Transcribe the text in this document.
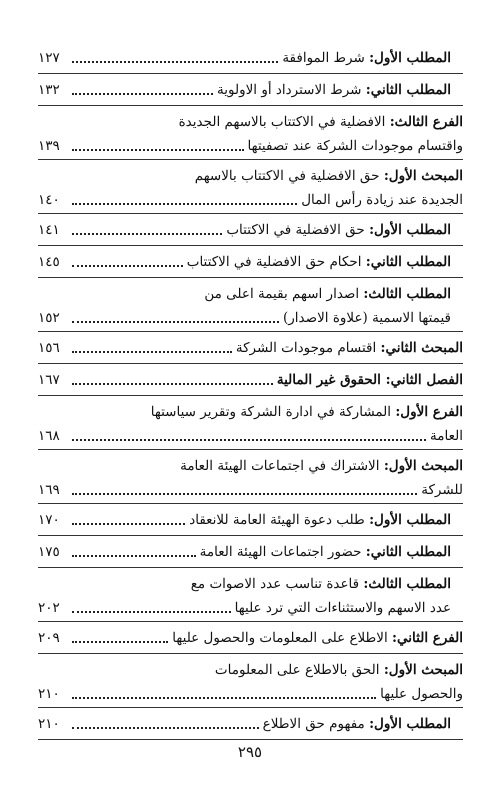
المطلب الأول: شرط الموافقة
١٢٧
المطلب الثاني: شرط الاسترداد أو الاولوية
١٣٢
الفرع الثالث: الافضلية في الاكتتاب بالاسهم الجديدة
واقتسام موجودات الشركة عند تصفيتها
١٣٩
المبحث الأول: حق الافضلية في الاكتتاب بالاسهم
الجديدة عند زيادة رأس المال
١٤٠
المطلب الأول: حق الافضلية في الاكتتاب
١٤١
المطلب الثاني: احكام حق الافضلية في الاكتتاب
١٤٥
المطلب الثالث: اصدار اسهم بقيمة اعلى من
قيمتها الاسمية (علاوة الاصدار)
١٥٢
المبحث الثاني: اقتسام موجودات الشركة
١٥٦
الفصل الثاني: الحقوق غير المالية
١٦٧
الفرع الأول: المشاركة في ادارة الشركة وتقرير سياستها
العامة
١٦٨
المبحث الأول: الاشتراك في اجتماعات الهيئة العامة
للشركة
١٦٩
المطلب الأول: طلب دعوة الهيئة العامة للانعقاد
١٧٠
المطلب الثاني: حضور اجتماعات الهيئة العامة
١٧٥
المطلب الثالث: قاعدة تناسب عدد الاصوات مع
عدد الاسهم والاستثناءات التي ترد عليها
٢٠٢
الفرع الثاني: الاطلاع على المعلومات والحصول عليها
٢٠٩
المبحث الأول: الحق بالاطلاع على المعلومات
والحصول عليها
٢١٠
المطلب الأول: مفهوم حق الاطلاع
٢١٠
٢٩٥
